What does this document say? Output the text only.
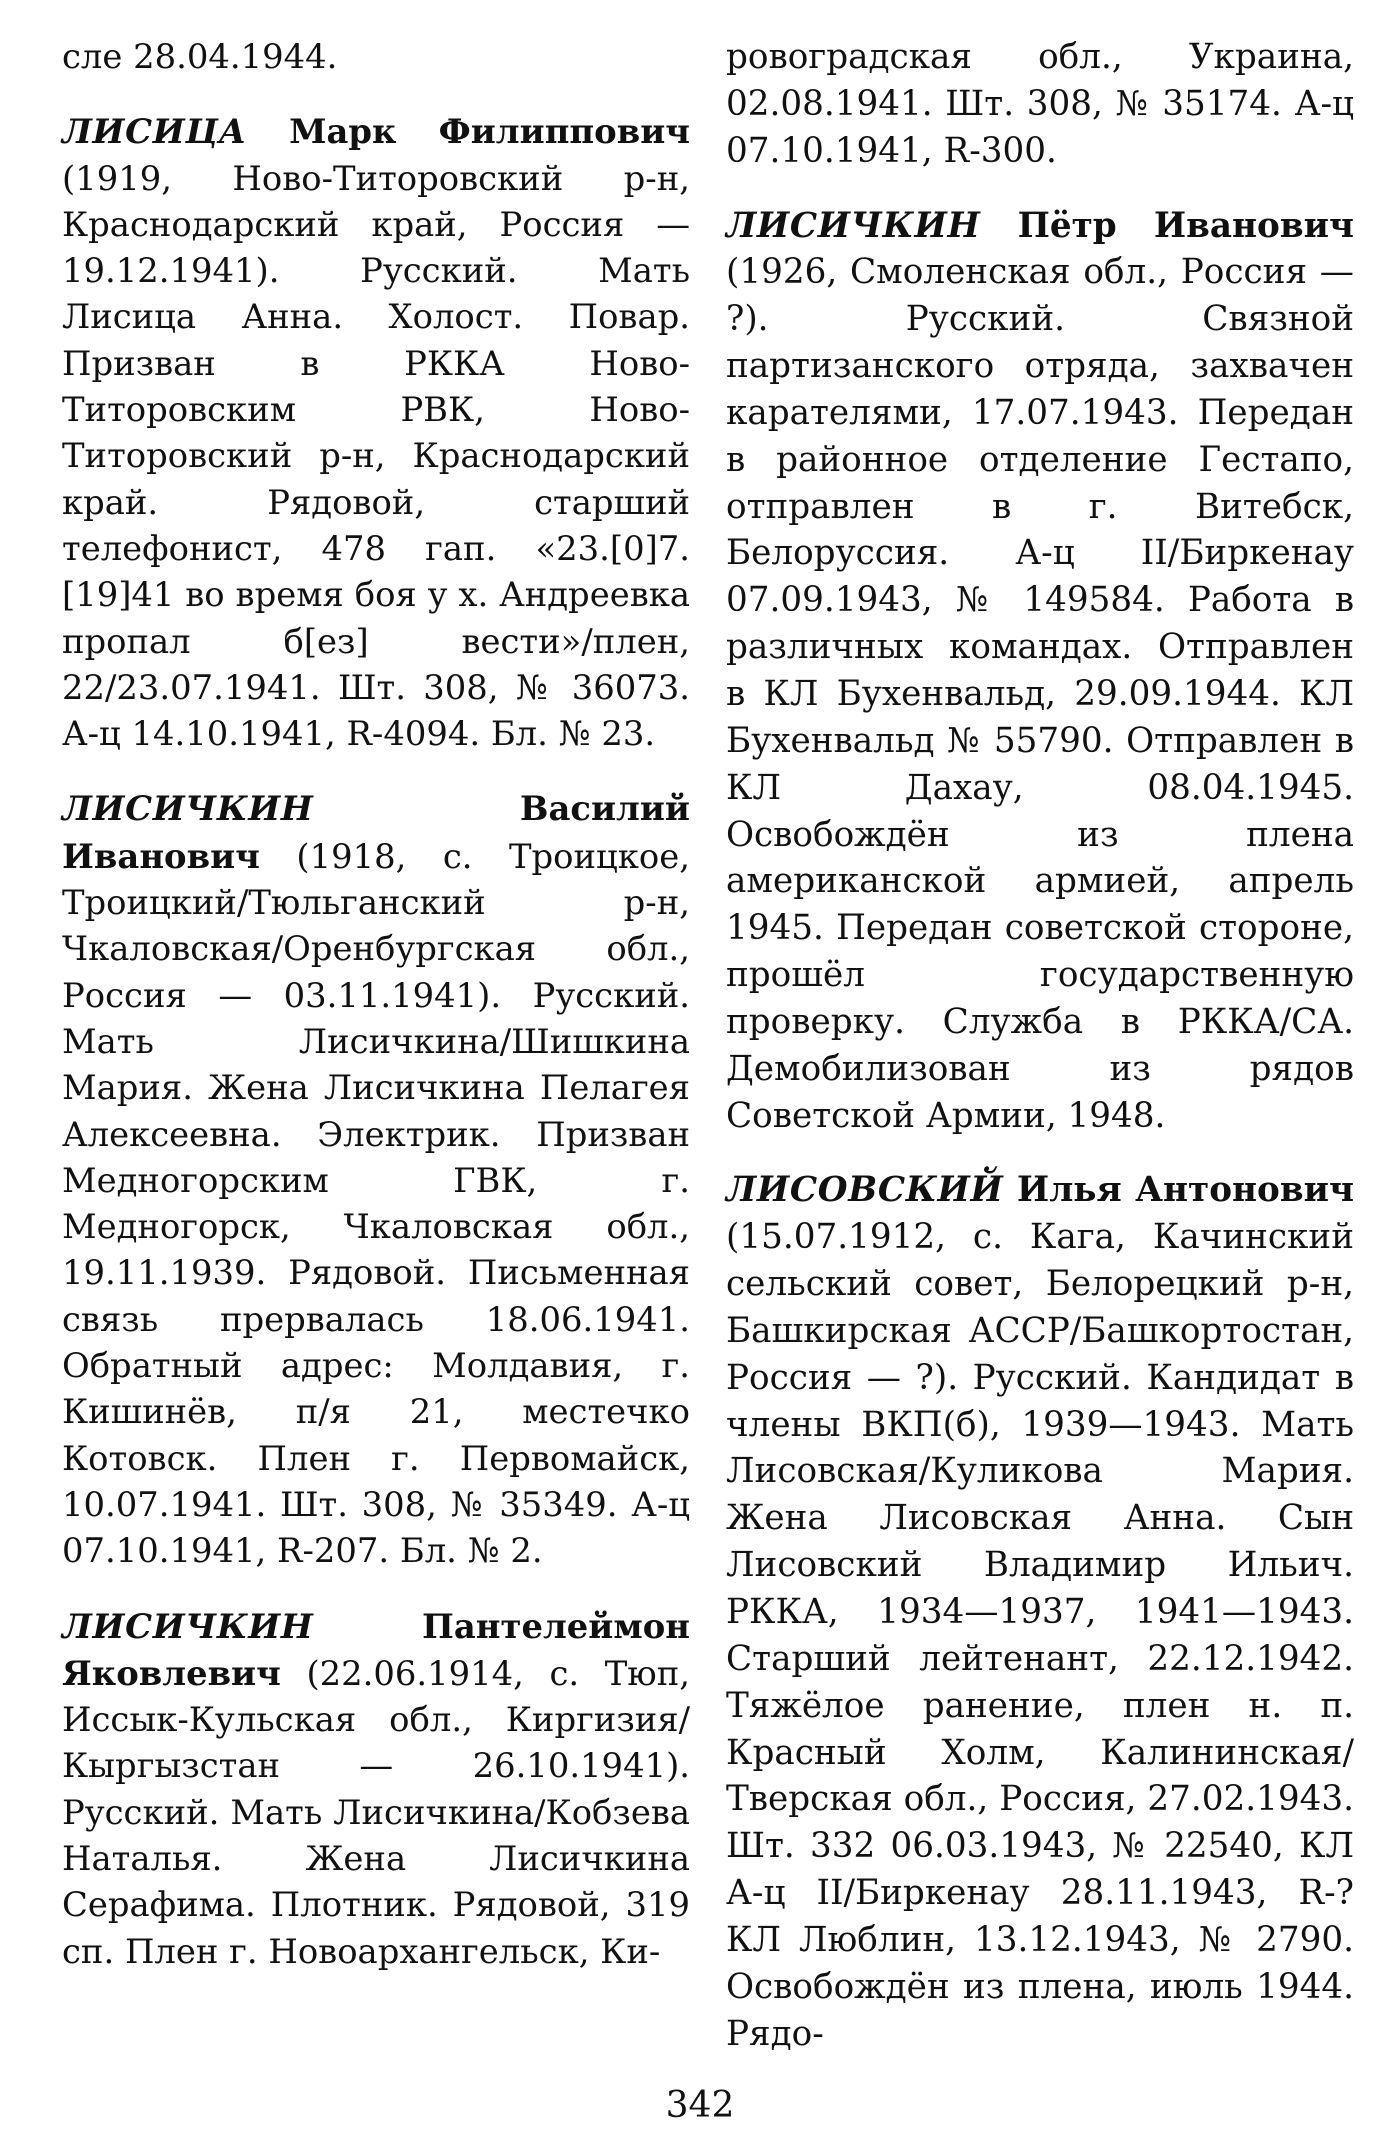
сле 28.04.1944.
ЛИСИЦА Марк Филиппович (1919, Ново-Титоровский р-н, Краснодарский край, Россия — 19.12.1941). Русский. Мать Лисица Анна. Холост. Повар. Призван в РККА Ново-Титоровским РВК, Ново-Титоровский р-н, Краснодарский край. Рядовой, старший телефонист, 478 гап. «23.[0]7.[19]41 во время боя у х. Андреевка пропал б[ез] вести»/плен, 22/23.07.1941. Шт. 308, № 36073. А-ц 14.10.1941, R-4094. Бл. № 23.
ЛИСИЧКИН	Василий Иванович (1918, с. Троицкое, Троицкий/Тюльганский р-н, Чкаловская/Оренбургская обл., Россия — 03.11.1941). Русский. Мать Лисичкина/Шишкина Мария. Жена Лисичкина Пелагея Алексеевна. Электрик. Призван Медногорским ГВК, г. Медногорск, Чкаловская обл., 19.11.1939. Рядовой. Письменная связь прервалась 18.06.1941. Обратный адрес: Молдавия, г. Кишинёв, п/я 21, местечко Котовск. Плен г. Первомайск, 10.07.1941. Шт. 308, № 35349. А-ц 07.10.1941, R-207. Бл. № 2.
ЛИСИЧКИН	Пантелеймон Яковлевич (22.06.1914, с. Тюп, Иссык-Кульская обл., Киргизия/Кыргызстан — 26.10.1941). Русский. Мать Лисичкина/Кобзева Наталья. Жена Лисичкина Серафима. Плотник. Рядовой, 319 сп. Плен г. Новоархангельск, Ки-
ровоградская обл., Украина, 02.08.1941. Шт. 308, № 35174. А-ц 07.10.1941, R-300.
ЛИСИЧКИН Пётр Иванович (1926, Смоленская обл., Россия — ?). Русский. Связной партизанского отряда, захвачен карателями, 17.07.1943. Передан в районное отделение Гестапо, отправлен в г. Витебск, Белоруссия. А-ц II/Биркенау 07.09.1943, № 149584. Работа в различных командах. Отправлен в КЛ Бухенвальд, 29.09.1944. КЛ Бухенвальд № 55790. Отправлен в КЛ Дахау, 08.04.1945. Освобождён из плена американской армией, апрель 1945. Передан советской стороне, прошёл государственную проверку. Служба в РККА/СА. Демобилизован из рядов Советской Армии, 1948.
ЛИСОВСКИЙ Илья Антонович (15.07.1912, с. Кага, Качинский сельский совет, Белорецкий р-н, Башкирская АССР/Башкортостан, Россия — ?). Русский. Кандидат в члены ВКП(б), 1939—1943. Мать Лисовская/Куликова Мария. Жена Лисовская Анна. Сын Лисовский Владимир Ильич. РККА, 1934—1937, 1941—1943. Старший лейтенант, 22.12.1942. Тяжёлое ранение, плен н. п. Красный Холм, Калининская/Тверская обл., Россия, 27.02.1943. Шт. 332 06.03.1943, № 22540, КЛ А-ц II/Биркенау 28.11.1943, R-? КЛ Люблин, 13.12.1943, № 2790. Освобождён из плена, июль 1944. Рядо-
342
